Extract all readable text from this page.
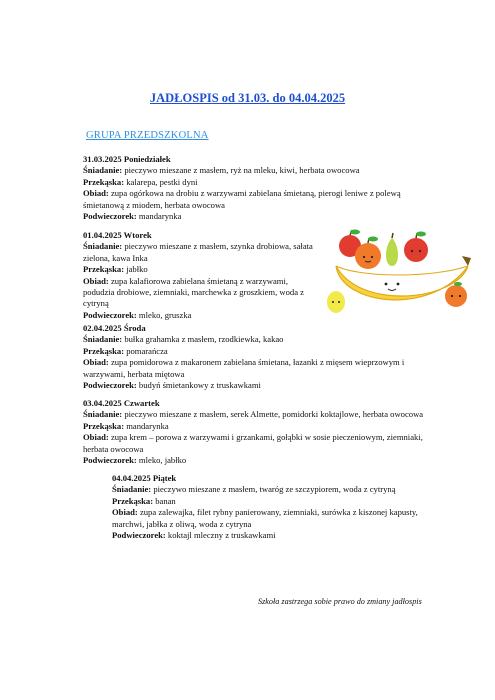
JADŁOSPIS od 31.03. do 04.04.2025
GRUPA PRZEDSZKOLNA

31.03.2025 Poniedziałek

Śniadanie: pieczywo mieszane z masłem, ryż na mleku, kiwi, herbata owocowa

Przekąska: kalarepa, pestki dyni

Obiad: zupa ogórkowa na drobiu z warzywami zabielana śmietaną, pierogi leniwe z polewą śmietanową z miodem, herbata owocowa

Podwieczorek: mandarynka

01.04.2025 Wtorek

Śniadanie: pieczywo mieszane z masłem, szynka drobiowa, sałata zielona, kawa Inka

Przekąska: jabłko

Obiad: zupa kalafiorowa zabielana śmietaną z warzywami, podudzia drobiowe, ziemniaki, marchewka z groszkiem, woda z cytryną

Podwieczorek: mleko, gruszka

02.04.2025 Środa

Śniadanie: bułka grahamka z masłem, rzodkiewka, kakao

Przekąska: pomarańcza

Obiad: zupa pomidorowa z makaronem zabielana śmietana, łazanki z mięsem wieprzowym i warzywami, herbata miętowa

Podwieczorek: budyń śmietankowy z truskawkami

03.04.2025 Czwartek

Śniadanie: pieczywo mieszane z masłem, serek Almette, pomidorki koktajlowe, herbata owocowa

Przekąska: mandarynka

Obiad: zupa krem – porowa z warzywami i grzankami, gołąbki w sosie pieczeniowym, ziemniaki, herbata owocowa

Podwieczorek: mleko, jabłko

04.04.2025 Piątek

Śniadanie: pieczywo mieszane z masłem, twaróg ze szczypiorem, woda z cytryną

Przekąska: banan

Obiad: zupa zalewajka, filet rybny panierowany, ziemniaki, surówka z kiszonej kapusty, marchwi, jabłka z oliwą, woda z cytryna

Podwieczorek: koktajl mleczny z truskawkami

Szkoła zastrzega sobie prawo do zmiany jadłospis
